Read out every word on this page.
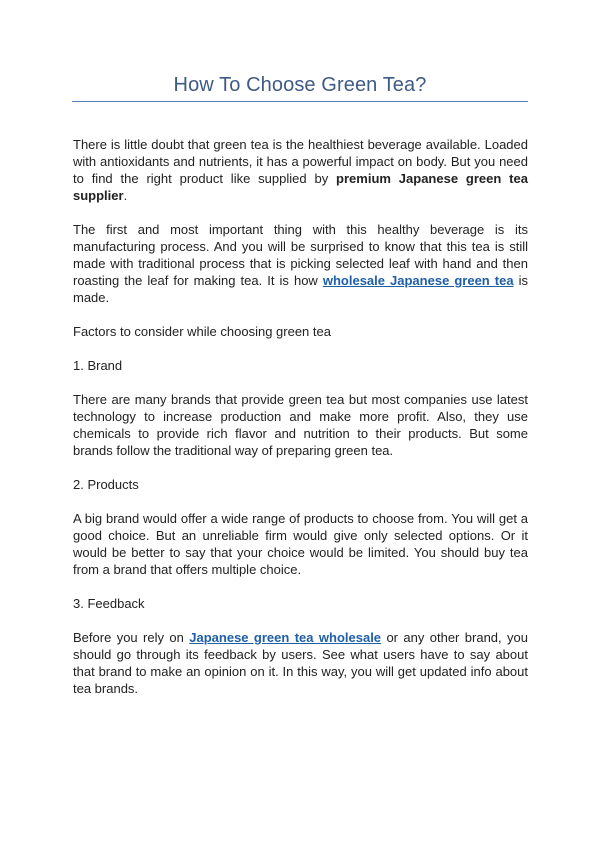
How To Choose Green Tea?

There is little doubt that green tea is the healthiest beverage available. Loaded with antioxidants and nutrients, it has a powerful impact on body. But you need to find the right product like supplied by premium Japanese green tea supplier.

The first and most important thing with this healthy beverage is its manufacturing process. And you will be surprised to know that this tea is still made with traditional process that is picking selected leaf with hand and then roasting the leaf for making tea. It is how wholesale Japanese green tea is made.

Factors to consider while choosing green tea

1. Brand

There are many brands that provide green tea but most companies use latest technology to increase production and make more profit. Also, they use chemicals to provide rich flavor and nutrition to their products. But some brands follow the traditional way of preparing green tea.

2. Products

A big brand would offer a wide range of products to choose from. You will get a good choice. But an unreliable firm would give only selected options. Or it would be better to say that your choice would be limited. You should buy tea from a brand that offers multiple choice.

3. Feedback

Before you rely on Japanese green tea wholesale or any other brand, you should go through its feedback by users. See what users have to say about that brand to make an opinion on it. In this way, you will get updated info about tea brands.
